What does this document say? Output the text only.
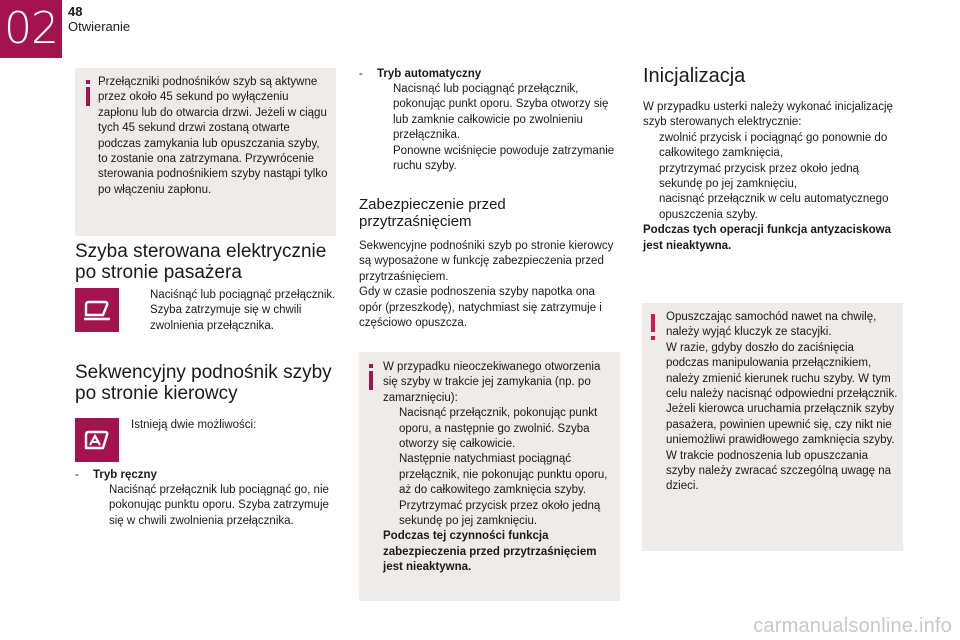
02 48
Otwieranie
Przełączniki podnośników szyb są aktywne przez około 45 sekund po wyłączeniu zapłonu lub do otwarcia drzwi. Jeżeli w ciągu tych 45 sekund drzwi zostaną otwarte podczas zamykania lub opuszczania szyby, to zostanie ona zatrzymana. Przywrócenie sterowania podnośnikiem szyby nastąpi tylko po włączeniu zapłonu.
Szyba sterowana elektrycznie
po stronie pasażera
Naciśnąć lub pociągnąć przełącznik. Szyba zatrzymuje się w chwili zwolnienia przełącznika.
Sekwencyjny podnośnik szyby
po stronie kierowcy
Istnieją dwie możliwości:
- Tryb ręczny
Naciśnąć przełącznik lub pociągnąć go, nie pokonując punktu oporu. Szyba zatrzymuje się w chwili zwolnienia przełącznika.
- Tryb automatyczny
Nacisnąć lub pociągnąć przełącznik, pokonując punkt oporu. Szyba otworzy się lub zamknie całkowicie po zwolnieniu przełącznika.
Ponowne wciśnięcie powoduje zatrzymanie ruchu szyby.
Zabezpieczenie przed
przytrzaśnięciem
Sekwencyjne podnośniki szyb po stronie kierowcy są wyposażone w funkcję zabezpieczenia przed przytrzaśnięciem.
Gdy w czasie podnoszenia szyby napotka ona opór (przeszkodę), natychmiast się zatrzymuje i częściowo opuszcza.
W przypadku nieoczekiwanego otworzenia się szyby w trakcie jej zamykania (np. po zamarznięciu):
Nacisnąć przełącznik, pokonując punkt oporu, a następnie go zwolnić. Szyba otworzy się całkowicie.
Następnie natychmiast pociągnąć przełącznik, nie pokonując punktu oporu, aż do całkowitego zamknięcia szyby.
Przytrzymać przycisk przez około jedną sekundę po jej zamknięciu.
Podczas tej czynności funkcja zabezpieczenia przed przytrzaśnięciem jest nieaktywna.
Inicjalizacja
W przypadku usterki należy wykonać inicjalizację szyb sterowanych elektrycznie:
zwolnić przycisk i pociągnąć go ponownie do całkowitego zamknięcia,
przytrzymać przycisk przez około jedną sekundę po jej zamknięciu,
nacisnąć przełącznik w celu automatycznego opuszczenia szyby.
Podczas tych operacji funkcja antyzaciskowa jest nieaktywna.
Opuszczając samochód nawet na chwilę, należy wyjąć kluczyk ze stacyjki.
W razie, gdyby doszło do zaciśnięcia podczas manipulowania przełącznikiem, należy zmienić kierunek ruchu szyby. W tym celu należy nacisnąć odpowiedni przełącznik.
Jeżeli kierowca uruchamia przełącznik szyby pasażera, powinien upewnić się, czy nikt nie uniemożliwi prawidłowego zamknięcia szyby.
W trakcie podnoszenia lub opuszczania szyby należy zwracać szczególną uwagę na dzieci.
carmanualsonline.info
